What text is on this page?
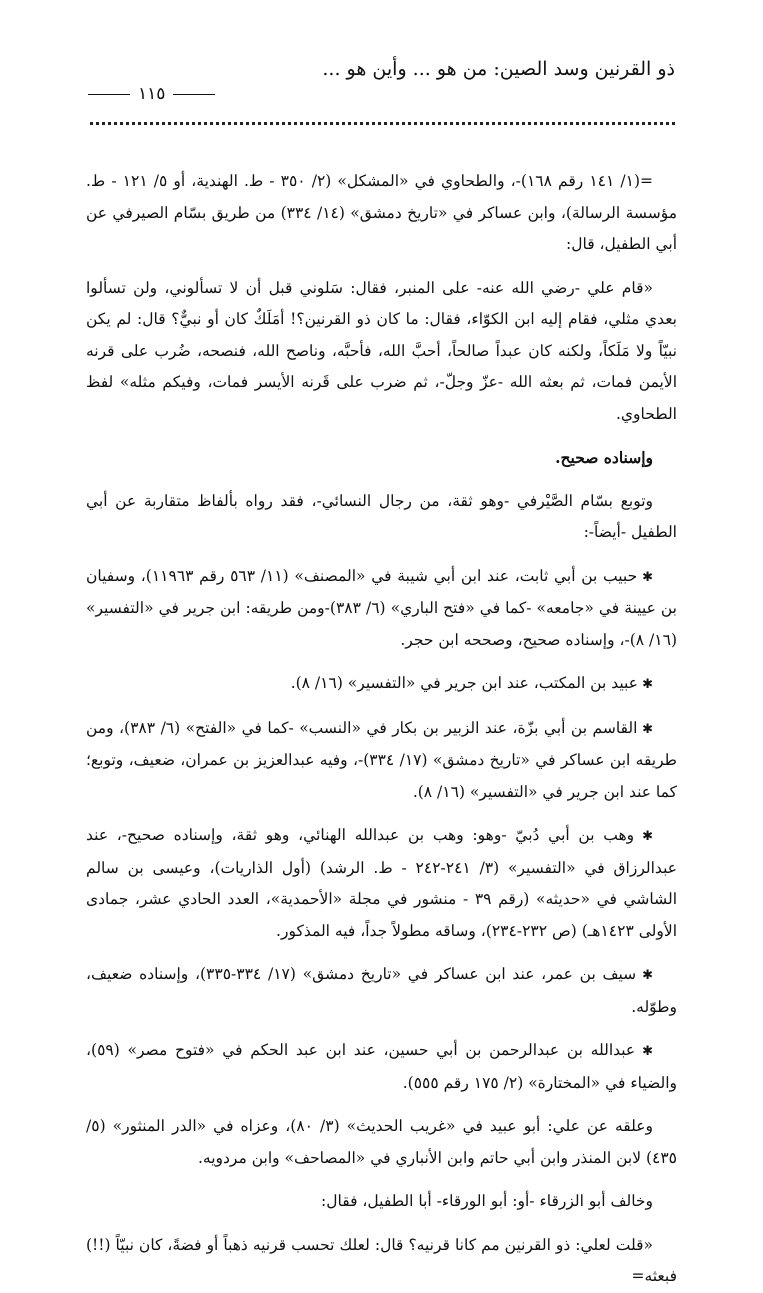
ذو القرنين وسد الصين: من هو ... وأين هو ...
١١٥

=(١/ ١٤١ رقم ١٦٨)-، والطحاوي في «المشكل» (٢/ ٣٥٠ - ط. الهندية، أو ٥/ ١٢١ - ط. مؤسسة الرسالة)، وابن عساكر في «تاريخ دمشق» (١٤/ ٣٣٤) من طريق بسّام الصيرفي عن أبي الطفيل، قال:

«قام علي -رضي الله عنه- على المنبر، فقال: سَلوني قبل أن لا تسألوني، ولن تسألوا بعدي مثلي، فقام إليه ابن الكوّاء، فقال: ما كان ذو القرنين؟! أمَلَكٌ كان أو نبيٌّ؟ قال: لم يكن نبيّاً ولا مَلَكاً، ولكنه كان عبداً صالحاً، أحبَّ الله، فأحبَّه، وناصح الله، فنصحه، ضُرب على قرنه الأيمن فمات، ثم بعثه الله -عزّ وجلّ-، ثم ضرب على قَرنه الأيسر فمات، وفيكم مثله» لفظ الطحاوي.

وإسناده صحيح.

وتوبع بسّام الصَّيْرفي -وهو ثقة، من رجال النسائي-، فقد رواه بألفاظ متقاربة عن أبي الطفيل -أيضاً-:

✱ حبيب بن أبي ثابت، عند ابن أبي شيبة في «المصنف» (١١/ ٥٦٣ رقم ١١٩٦٣)، وسفيان بن عيينة في «جامعه» -كما في «فتح الباري» (٦/ ٣٨٣)-ومن طريقه: ابن جرير في «التفسير» (١٦/ ٨)-، وإسناده صحيح، وصححه ابن حجر.

✱ عبيد بن المكتب، عند ابن جرير في «التفسير» (١٦/ ٨).

✱ القاسم بن أبي بزّة، عند الزبير بن بكار في «النسب» -كما في «الفتح» (٦/ ٣٨٣)، ومن طريقه ابن عساكر في «تاريخ دمشق» (١٧/ ٣٣٤)-، وفيه عبدالعزيز بن عمران، ضعيف، وتوبع؛ كما عند ابن جرير في «التفسير» (١٦/ ٨).

✱ وهب بن أبي دُبيّ -وهو: وهب بن عبدالله الهنائي، وهو ثقة، وإسناده صحيح-، عند عبدالرزاق في «التفسير» (٣/ ٢٤١-٢٤٢ - ط. الرشد) (أول الذاريات)، وعيسى بن سالم الشاشي في «حديثه» (رقم ٣٩ - منشور في مجلة «الأحمدية»، العدد الحادي عشر، جمادى الأولى ١٤٢٣هـ) (ص ٢٣٢-٢٣٤)، وساقه مطولاً جداً، فيه المذكور.

✱ سيف بن عمر، عند ابن عساكر في «تاريخ دمشق» (١٧/ ٣٣٤-٣٣٥)، وإسناده ضعيف، وطوّله.

✱ عبدالله بن عبدالرحمن بن أبي حسين، عند ابن عبد الحكم في «فتوح مصر» (٥٩)، والضياء في «المختارة» (٢/ ١٧٥ رقم ٥٥٥).

وعلقه عن علي: أبو عبيد في «غريب الحديث» (٣/ ٨٠)، وعزاه في «الدر المنثور» (٥/ ٤٣٥) لابن المنذر وابن أبي حاتم وابن الأنباري في «المصاحف» وابن مردويه.

وخالف أبو الزرقاء -أو: أبو الورقاء- أبا الطفيل، فقال:

«قلت لعلي: ذو القرنين مم كانا قرنيه؟ قال: لعلك تحسب قرنيه ذهباً أو فضةً، كان نبيّاً (!!) فبعثه=
